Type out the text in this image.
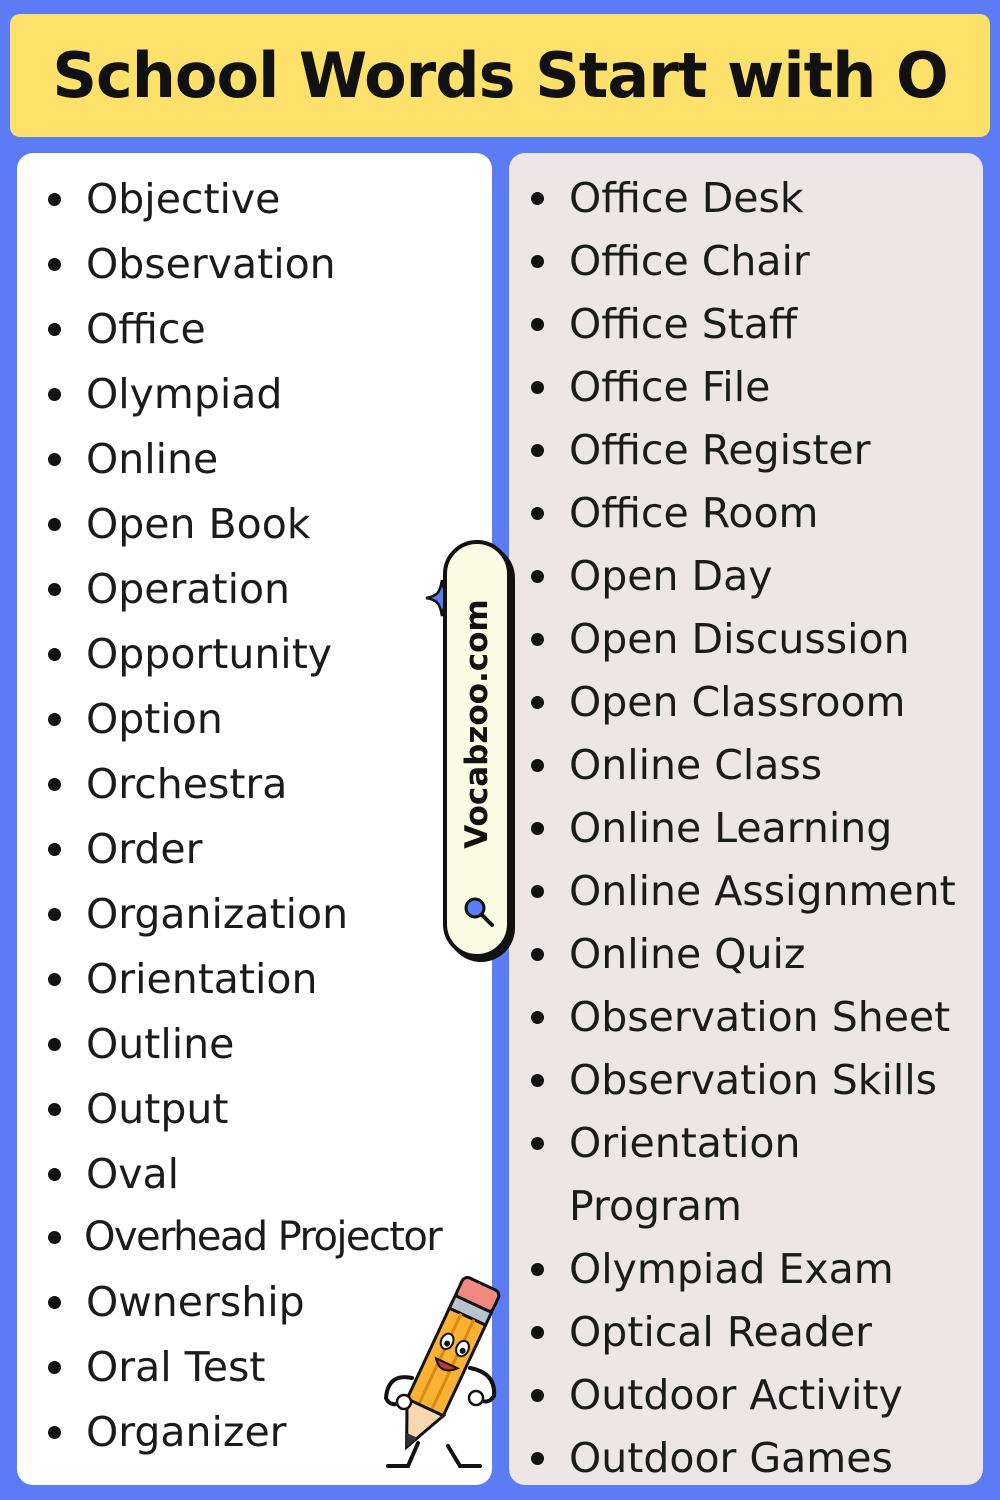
School Words Start with O
Objective
Observation
Office
Olympiad
Online
Open Book
Operation
Opportunity
Option
Orchestra
Order
Organization
Orientation
Outline
Output
Oval
Overhead Projector
Ownership
Oral Test
Organizer
Office Desk
Office Chair
Office Staff
Office File
Office Register
Office Room
Open Day
Open Discussion
Open Classroom
Online Class
Online Learning
Online Assignment
Online Quiz
Observation Sheet
Observation Skills
Orientation Program
Olympiad Exam
Optical Reader
Outdoor Activity
Outdoor Games
Vocabzoo.com
